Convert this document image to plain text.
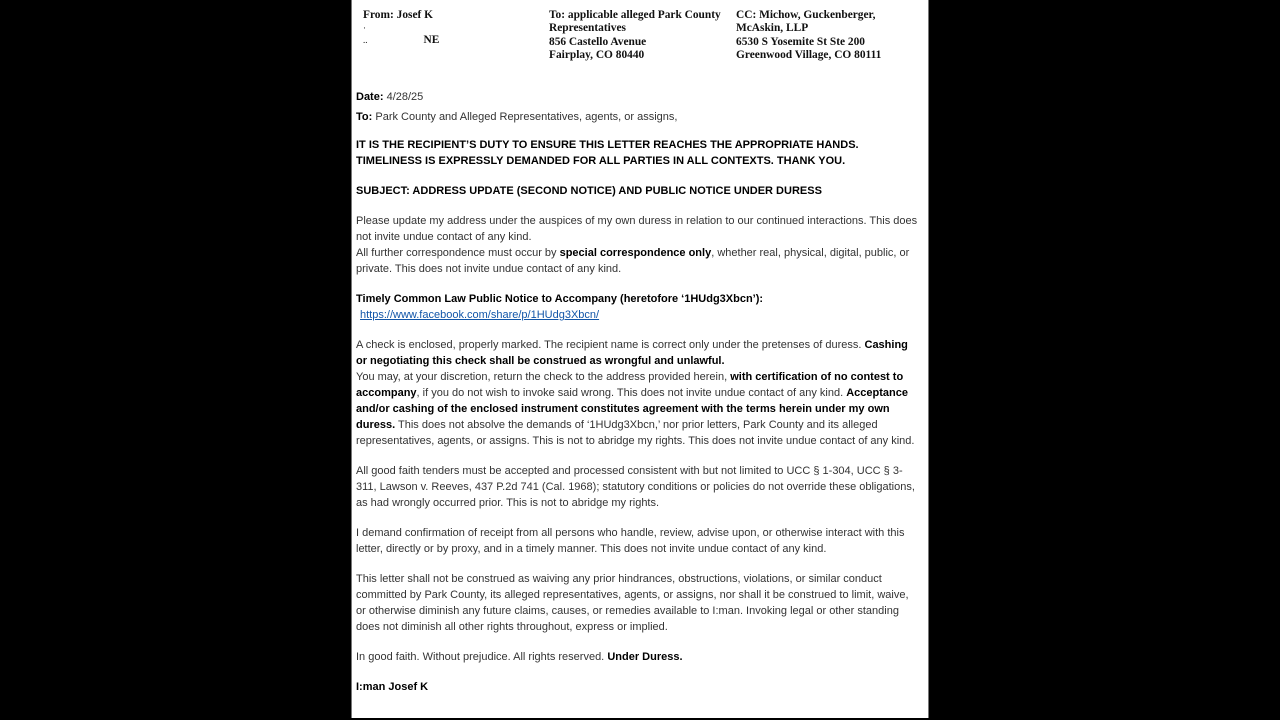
From: Josef K
·
..	NE
To: applicable alleged Park County
Representatives
856 Castello Avenue
Fairplay, CO 80440
CC: Michow, Guckenberger,
McAskin, LLP
6530 S Yosemite St Ste 200
Greenwood Village, CO 80111

Date: 4/28/25

To: Park County and Alleged Representatives, agents, or assigns,

IT IS THE RECIPIENT’S DUTY TO ENSURE THIS LETTER REACHES THE APPROPRIATE HANDS. TIMELINESS IS EXPRESSLY DEMANDED FOR ALL PARTIES IN ALL CONTEXTS. THANK YOU.

SUBJECT: ADDRESS UPDATE (SECOND NOTICE) AND PUBLIC NOTICE UNDER DURESS

Please update my address under the auspices of my own duress in relation to our continued interactions. This does not invite undue contact of any kind.
All further correspondence must occur by special correspondence only, whether real, physical, digital, public, or private. This does not invite undue contact of any kind.

Timely Common Law Public Notice to Accompany (heretofore ‘1HUdg3Xbcn’):
https://www.facebook.com/share/p/1HUdg3Xbcn/

A check is enclosed, properly marked. The recipient name is correct only under the pretenses of duress. Cashing or negotiating this check shall be construed as wrongful and unlawful.
You may, at your discretion, return the check to the address provided herein, with certification of no contest to accompany, if you do not wish to invoke said wrong. This does not invite undue contact of any kind. Acceptance and/or cashing of the enclosed instrument constitutes agreement with the terms herein under my own duress. This does not absolve the demands of ‘1HUdg3Xbcn,’ nor prior letters, Park County and its alleged representatives, agents, or assigns. This is not to abridge my rights. This does not invite undue contact of any kind.

All good faith tenders must be accepted and processed consistent with but not limited to UCC § 1-304, UCC § 3-311, Lawson v. Reeves, 437 P.2d 741 (Cal. 1968); statutory conditions or policies do not override these obligations, as had wrongly occurred prior. This is not to abridge my rights.

I demand confirmation of receipt from all persons who handle, review, advise upon, or otherwise interact with this letter, directly or by proxy, and in a timely manner. This does not invite undue contact of any kind.

This letter shall not be construed as waiving any prior hindrances, obstructions, violations, or similar conduct committed by Park County, its alleged representatives, agents, or assigns, nor shall it be construed to limit, waive, or otherwise diminish any future claims, causes, or remedies available to I:man. Invoking legal or other standing does not diminish all other rights throughout, express or implied.

In good faith. Without prejudice. All rights reserved. Under Duress.

I:man Josef K
